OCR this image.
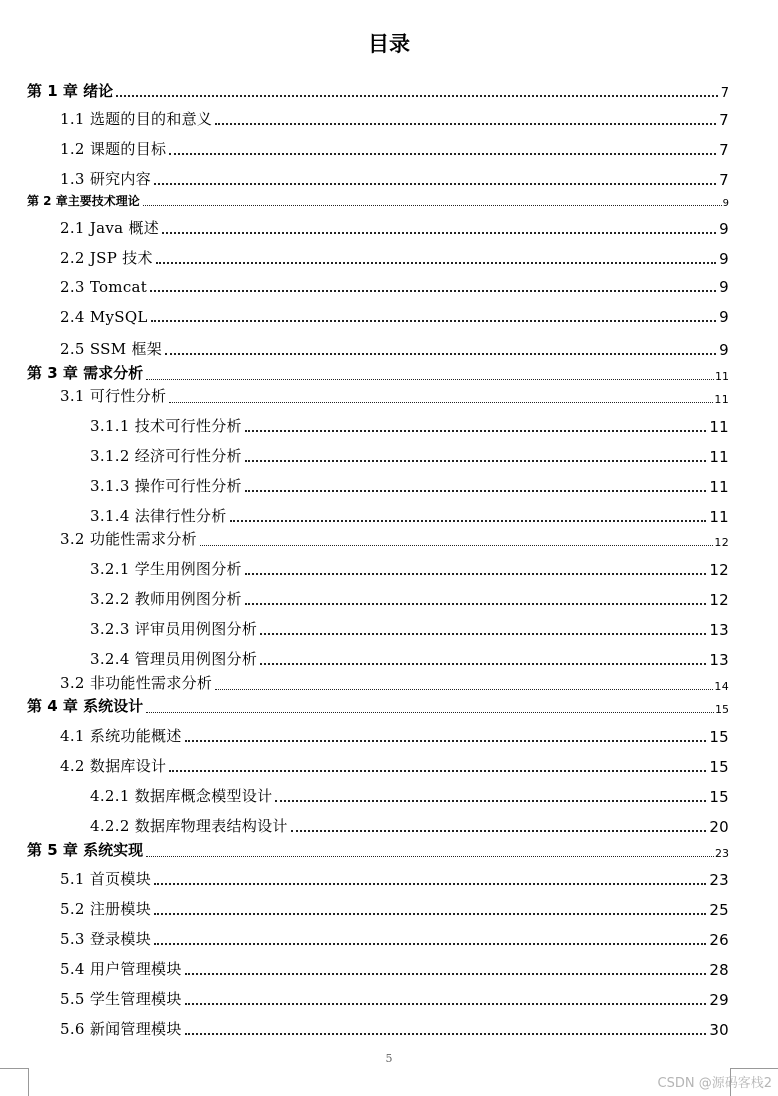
目录
第 1 章 绪论	7
1.1 选题的目的和意义	7
1.2 课题的目标	7
1.3 研究内容	7
第 2 章主要技术理论	9
2.1 Java 概述	9
2.2 JSP 技术	9
2.3 Tomcat	9
2.4 MySQL	9
2.5 SSM 框架	9
第 3 章 需求分析	11
3.1 可行性分析	11
3.1.1 技术可行性分析	11
3.1.2 经济可行性分析	11
3.1.3 操作可行性分析	11
3.1.4 法律行性分析	11
3.2 功能性需求分析	12
3.2.1 学生用例图分析	12
3.2.2 教师用例图分析	12
3.2.3 评审员用例图分析	13
3.2.4 管理员用例图分析	13
3.2 非功能性需求分析	14
第 4 章 系统设计	15
4.1 系统功能概述	15
4.2 数据库设计	15
4.2.1 数据库概念模型设计	15
4.2.2 数据库物理表结构设计	20
第 5 章 系统实现	23
5.1 首页模块	23
5.2 注册模块	25
5.3 登录模块	26
5.4 用户管理模块	28
5.5 学生管理模块	29
5.6 新闻管理模块	30
5
CSDN @源码客栈2
